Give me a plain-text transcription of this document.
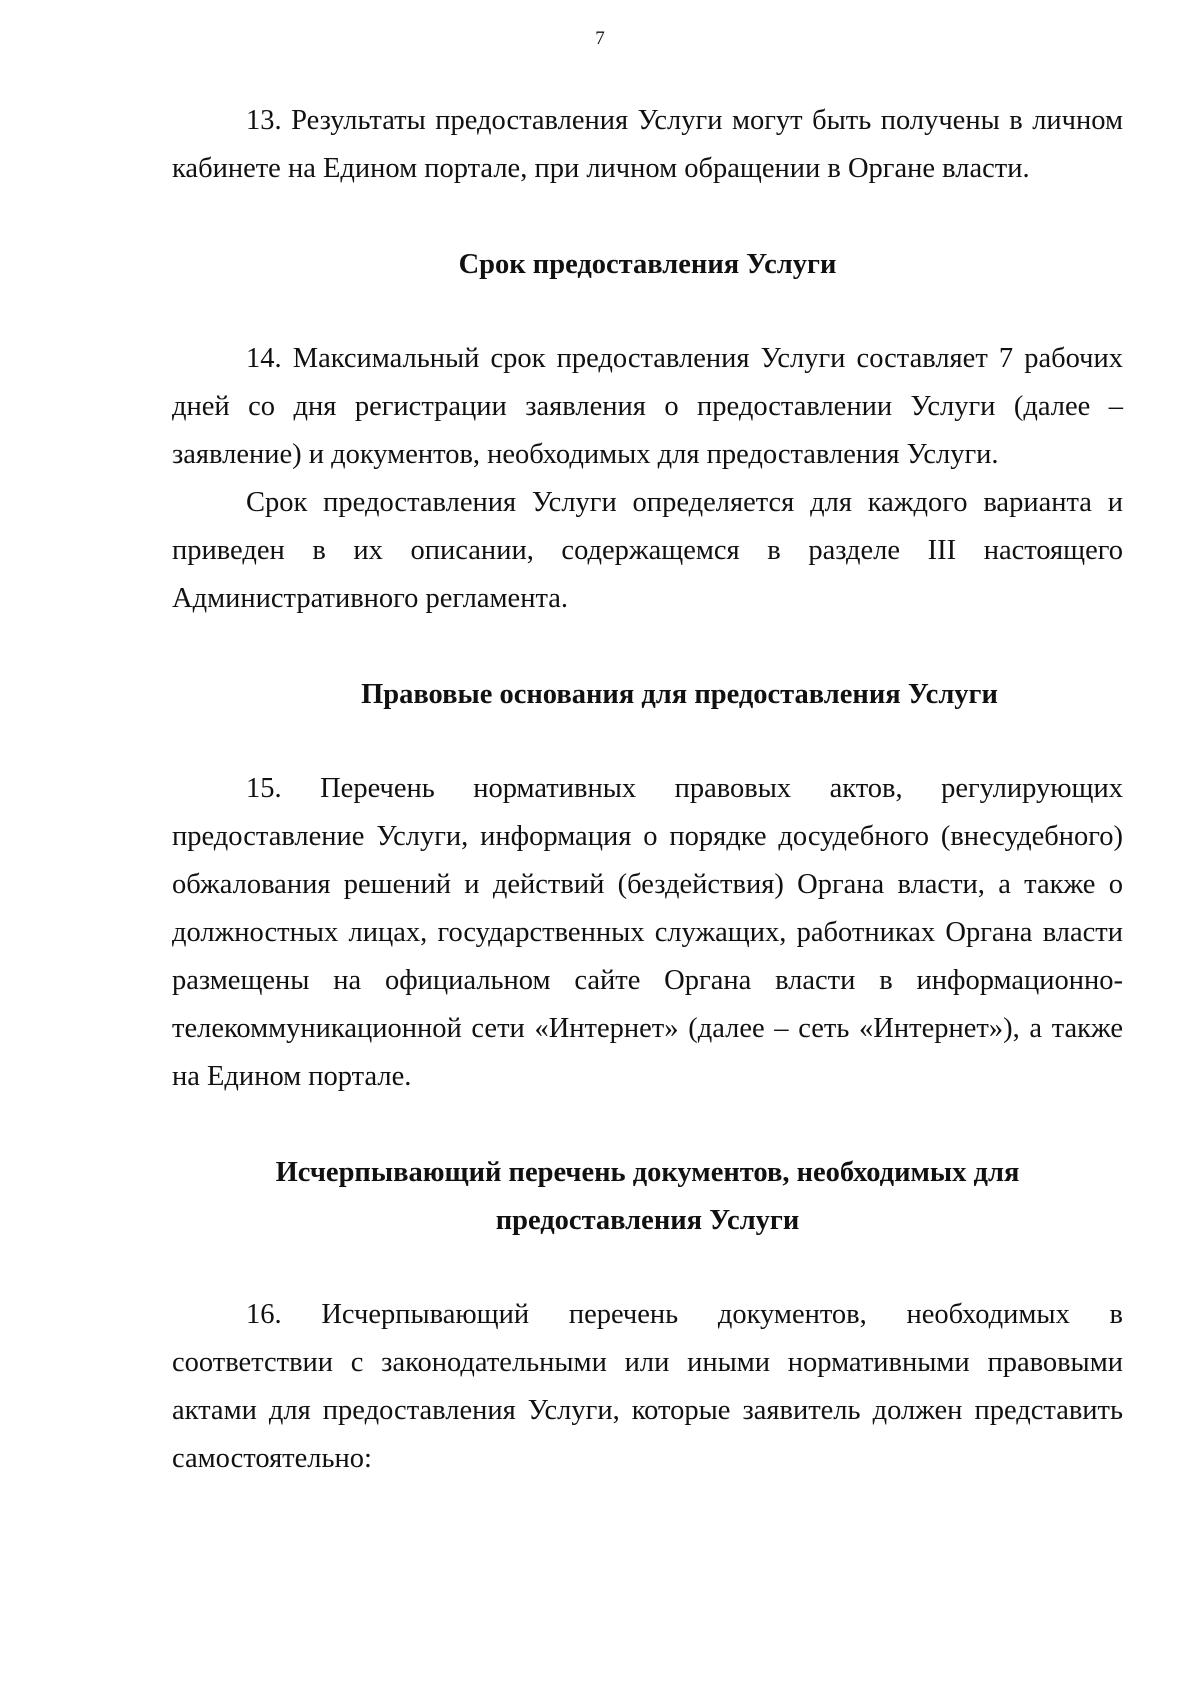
7

13. Результаты предоставления Услуги могут быть получены в личном кабинете на Едином портале, при личном обращении в Органе власти.

Срок предоставления Услуги

14. Максимальный срок предоставления Услуги составляет 7 рабочих дней со дня регистрации заявления о предоставлении Услуги (далее – заявление) и документов, необходимых для предоставления Услуги.

Срок предоставления Услуги определяется для каждого варианта и приведен в их описании, содержащемся в разделе III настоящего Административного регламента.

Правовые основания для предоставления Услуги

15. Перечень нормативных правовых актов, регулирующих предоставление Услуги, информация о порядке досудебного (внесудебного) обжалования решений и действий (бездействия) Органа власти, а также о должностных лицах, государственных служащих, работниках Органа власти размещены на официальном сайте Органа власти в информационно-телекоммуникационной сети «Интернет» (далее – сеть «Интернет»), а также на Едином портале.

Исчерпывающий перечень документов, необходимых для
предоставления Услуги

16. Исчерпывающий перечень документов, необходимых в соответствии с законодательными или иными нормативными правовыми актами для предоставления Услуги, которые заявитель должен представить самостоятельно:
